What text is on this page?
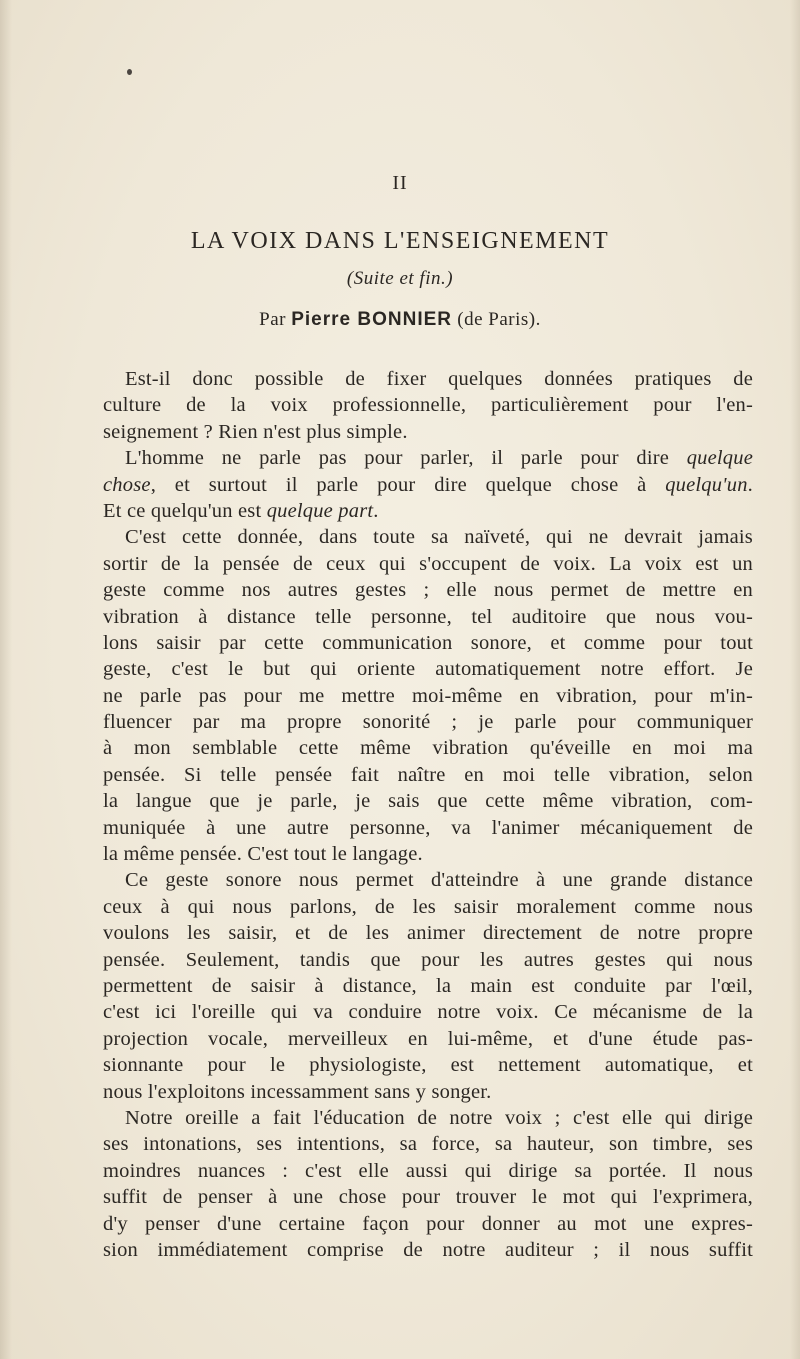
II
LA VOIX DANS L'ENSEIGNEMENT
(Suite et fin.)
Par Pierre BONNIER (de Paris).
Est-il donc possible de fixer quelques données pratiques de
culture de la voix professionnelle, particulièrement pour l'en-
seignement ? Rien n'est plus simple.
L'homme ne parle pas pour parler, il parle pour dire quelque
chose, et surtout il parle pour dire quelque chose à quelqu'un.
Et ce quelqu'un est quelque part.
C'est cette donnée, dans toute sa naïveté, qui ne devrait jamais
sortir de la pensée de ceux qui s'occupent de voix. La voix est un
geste comme nos autres gestes ; elle nous permet de mettre en
vibration à distance telle personne, tel auditoire que nous vou-
lons saisir par cette communication sonore, et comme pour tout
geste, c'est le but qui oriente automatiquement notre effort. Je
ne parle pas pour me mettre moi-même en vibration, pour m'in-
fluencer par ma propre sonorité ; je parle pour communiquer
à mon semblable cette même vibration qu'éveille en moi ma
pensée. Si telle pensée fait naître en moi telle vibration, selon
la langue que je parle, je sais que cette même vibration, com-
muniquée à une autre personne, va l'animer mécaniquement de
la même pensée. C'est tout le langage.
Ce geste sonore nous permet d'atteindre à une grande distance
ceux à qui nous parlons, de les saisir moralement comme nous
voulons les saisir, et de les animer directement de notre propre
pensée. Seulement, tandis que pour les autres gestes qui nous
permettent de saisir à distance, la main est conduite par l'œil,
c'est ici l'oreille qui va conduire notre voix. Ce mécanisme de la
projection vocale, merveilleux en lui-même, et d'une étude pas-
sionnante pour le physiologiste, est nettement automatique, et
nous l'exploitons incessamment sans y songer.
Notre oreille a fait l'éducation de notre voix ; c'est elle qui dirige
ses intonations, ses intentions, sa force, sa hauteur, son timbre, ses
moindres nuances : c'est elle aussi qui dirige sa portée. Il nous
suffit de penser à une chose pour trouver le mot qui l'exprimera,
d'y penser d'une certaine façon pour donner au mot une expres-
sion immédiatement comprise de notre auditeur ; il nous suffit
